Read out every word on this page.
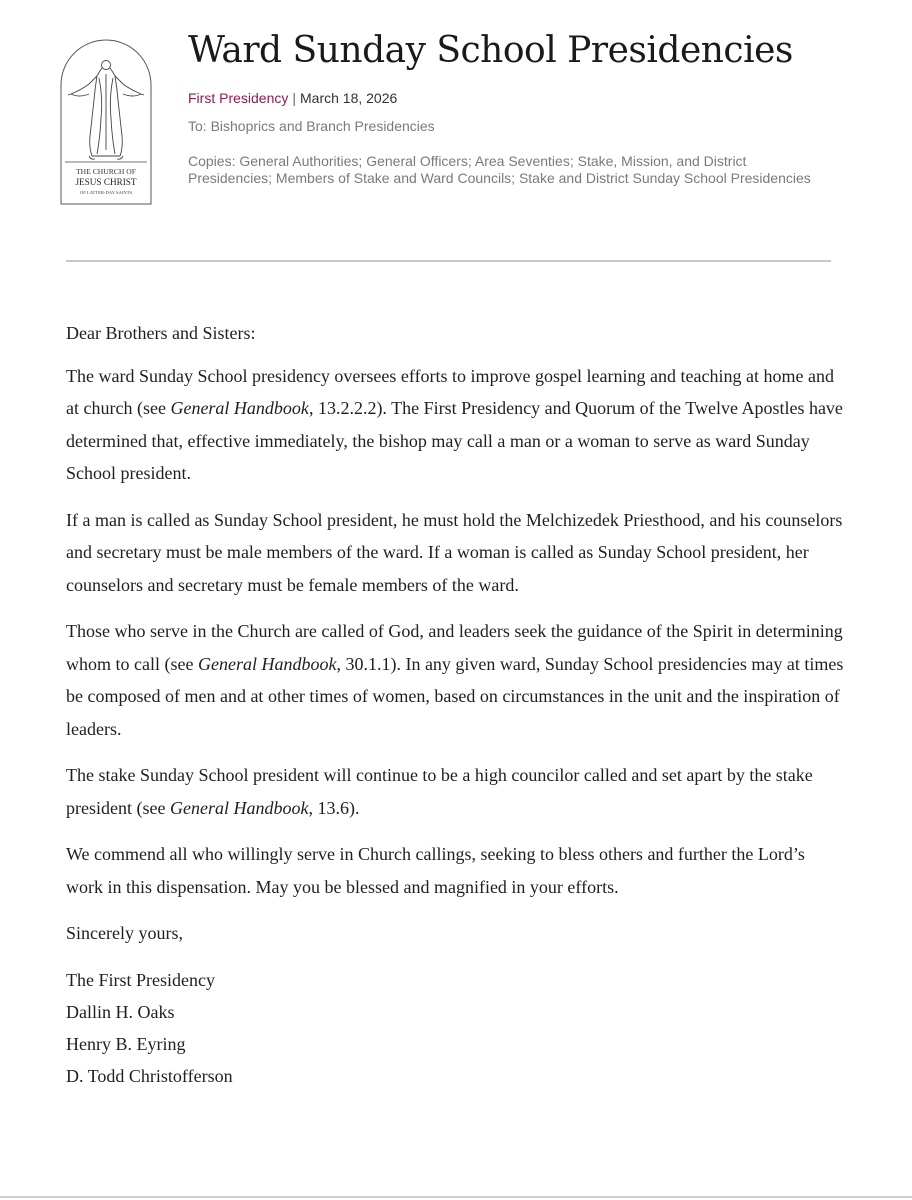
THE CHURCH OF
JESUS CHRIST
OF LATTER-DAY SAINTS
Ward Sunday School Presidencies
First Presidency | March 18, 2026
To: Bishoprics and Branch Presidencies
Copies: General Authorities; General Officers; Area Seventies; Stake, Mission, and District Presidencies; Members of Stake and Ward Councils; Stake and District Sunday School Presidencies

Dear Brothers and Sisters:

The ward Sunday School presidency oversees efforts to improve gospel learning and teaching at home and at church (see General Handbook, 13.2.2.2). The First Presidency and Quorum of the Twelve Apostles have determined that, effective immediately, the bishop may call a man or a woman to serve as ward Sunday School president.

If a man is called as Sunday School president, he must hold the Melchizedek Priesthood, and his counselors and secretary must be male members of the ward. If a woman is called as Sunday School president, her counselors and secretary must be female members of the ward.

Those who serve in the Church are called of God, and leaders seek the guidance of the Spirit in determining whom to call (see General Handbook, 30.1.1). In any given ward, Sunday School presidencies may at times be composed of men and at other times of women, based on circumstances in the unit and the inspiration of leaders.

The stake Sunday School president will continue to be a high councilor called and set apart by the stake president (see General Handbook, 13.6).

We commend all who willingly serve in Church callings, seeking to bless others and further the Lord’s work in this dispensation. May you be blessed and magnified in your efforts.

Sincerely yours,

The First Presidency
Dallin H. Oaks
Henry B. Eyring
D. Todd Christofferson
